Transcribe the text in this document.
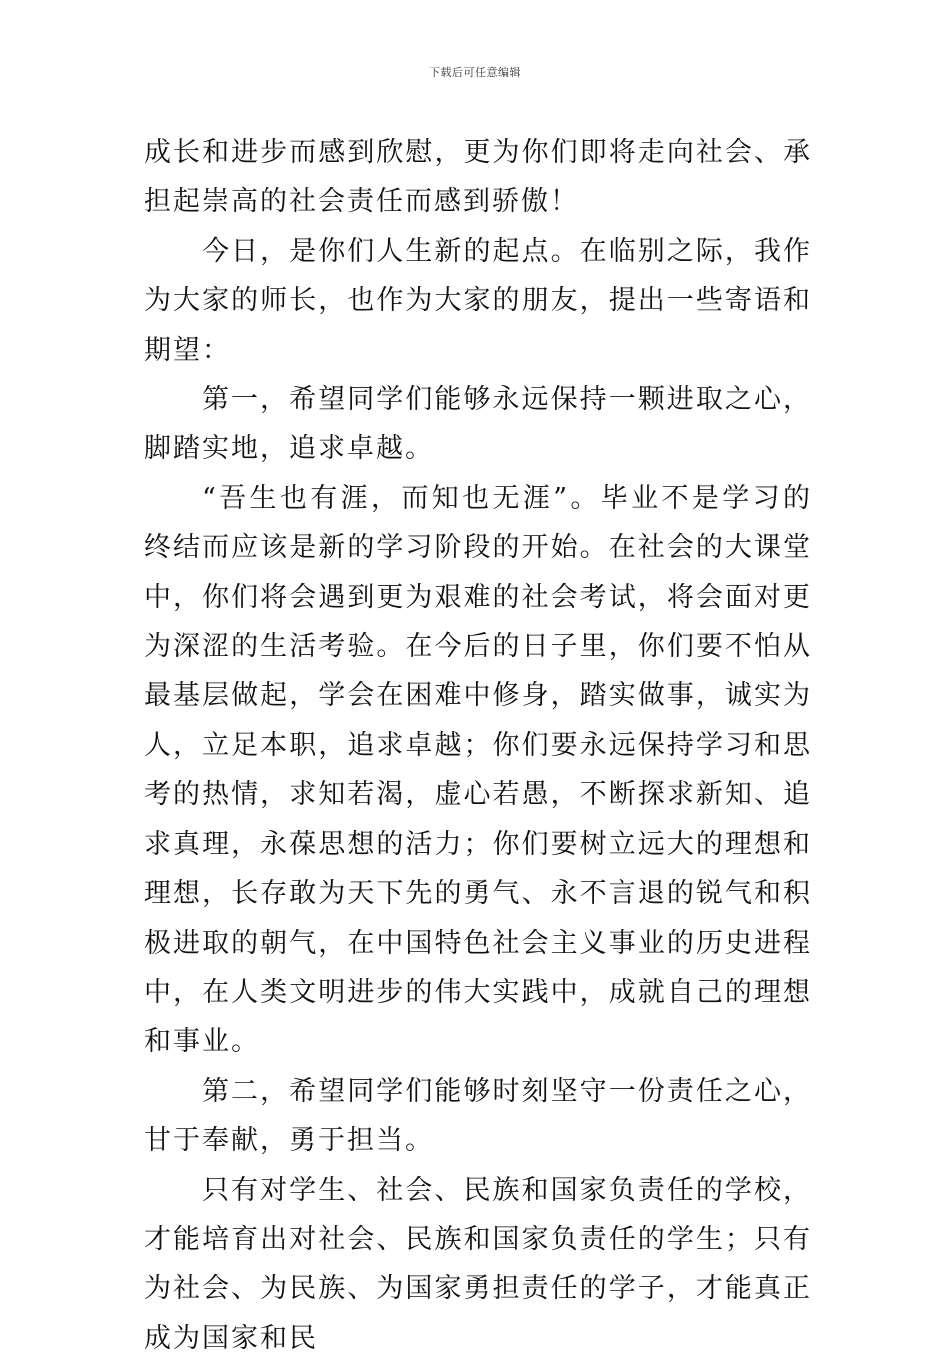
下载后可任意编辑

成长和进步而感到欣慰，更为你们即将走向社会、承担起崇高的社会责任而感到骄傲！

今日，是你们人生新的起点。在临别之际，我作为大家的师长，也作为大家的朋友，提出一些寄语和期望：

第一，希望同学们能够永远保持一颗进取之心，脚踏实地，追求卓越。

“吾生也有涯，而知也无涯”。毕业不是学习的终结而应该是新的学习阶段的开始。在社会的大课堂中，你们将会遇到更为艰难的社会考试，将会面对更为深涩的生活考验。在今后的日子里，你们要不怕从最基层做起，学会在困难中修身，踏实做事，诚实为人，立足本职，追求卓越；你们要永远保持学习和思考的热情，求知若渴，虚心若愚，不断探求新知、追求真理，永葆思想的活力；你们要树立远大的理想和理想，长存敢为天下先的勇气、永不言退的锐气和积极进取的朝气，在中国特色社会主义事业的历史进程中，在人类文明进步的伟大实践中，成就自己的理想和事业。

第二，希望同学们能够时刻坚守一份责任之心，甘于奉献，勇于担当。

只有对学生、社会、民族和国家负责任的学校，才能培育出对社会、民族和国家负责任的学生；只有为社会、为民族、为国家勇担责任的学子，才能真正成为国家和民
